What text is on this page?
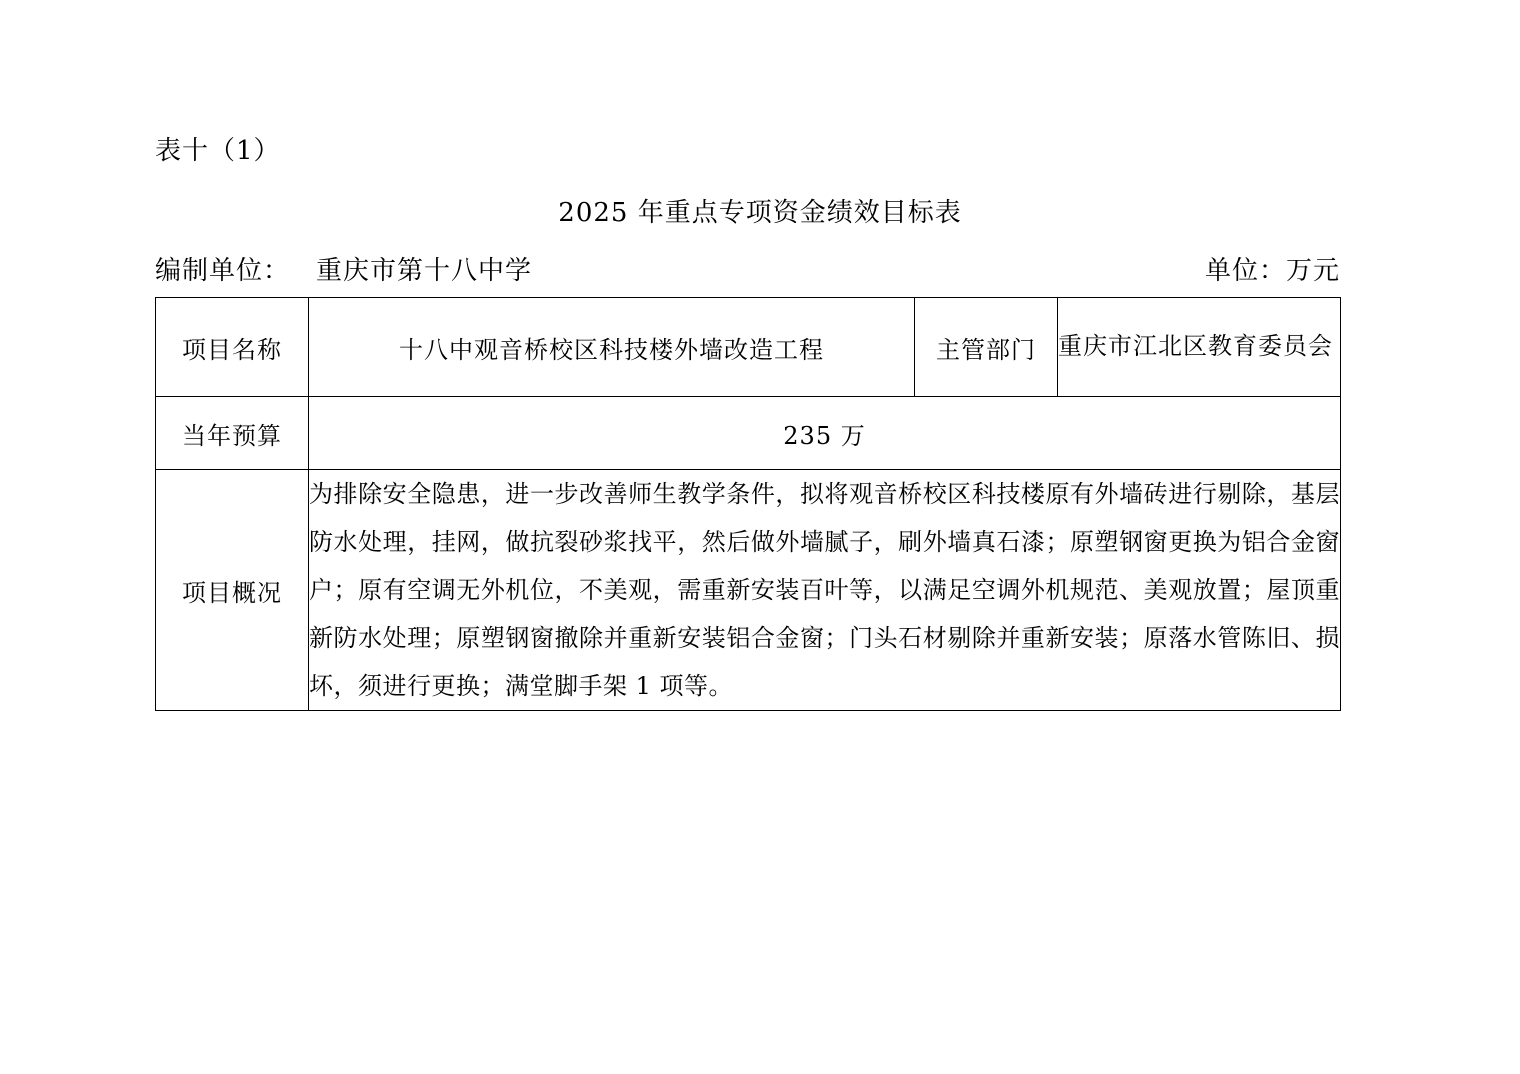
表十（1）
2025 年重点专项资金绩效目标表
编制单位： 重庆市第十八中学	单位：万元
项目名称	十八中观音桥校区科技楼外墙改造工程	主管部门	重庆市江北区教育委员会
当年预算	235 万		
项目概况	为排除安全隐患，进一步改善师生教学条件，拟将观音桥校区科技楼原有外墙砖进行剔除，基层防水处理，挂网，做抗裂砂浆找平，然后做外墙腻子，刷外墙真石漆；原塑钢窗更换为铝合金窗户；原有空调无外机位，不美观，需重新安装百叶等，以满足空调外机规范、美观放置；屋顶重新防水处理；原塑钢窗撤除并重新安装铝合金窗；门头石材剔除并重新安装；原落水管陈旧、损坏，须进行更换；满堂脚手架 1 项等。		
